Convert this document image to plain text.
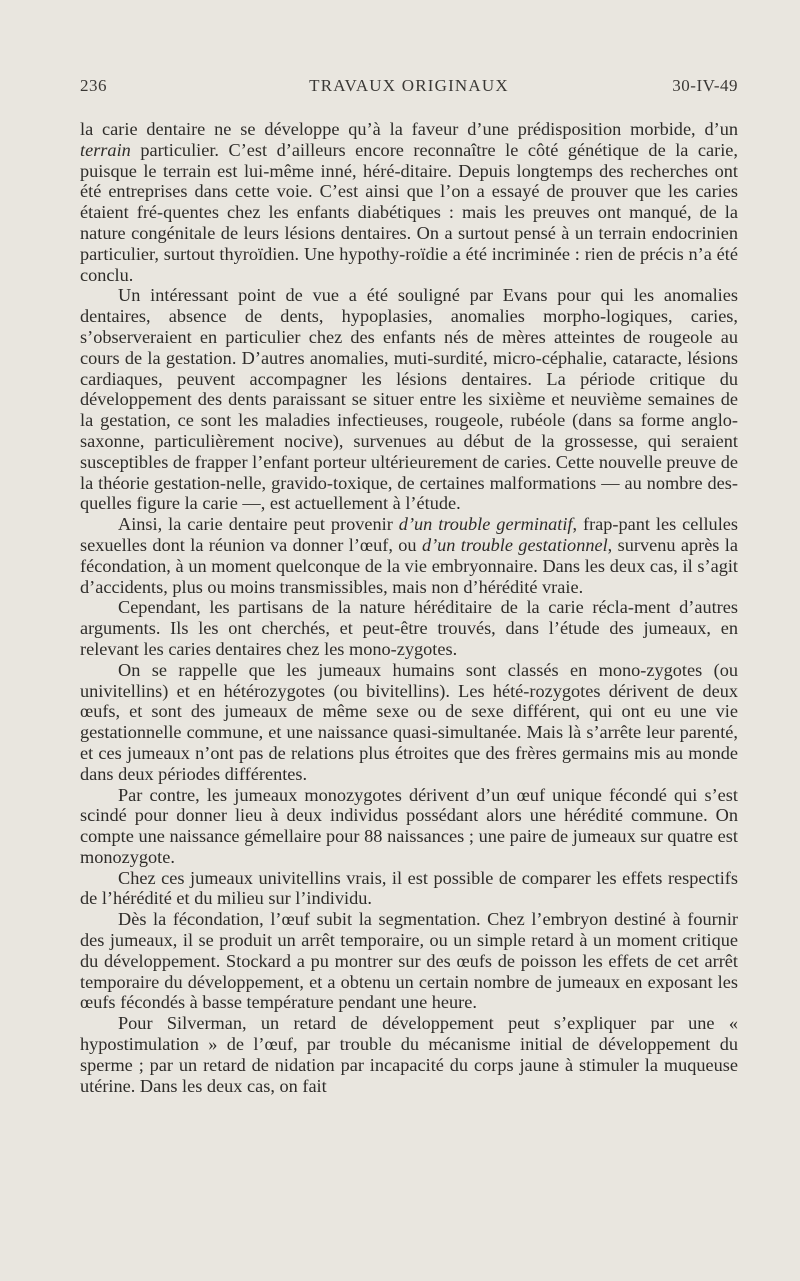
236	TRAVAUX ORIGINAUX	30-IV-49

la carie dentaire ne se développe qu’à la faveur d’une prédisposition morbide, d’un terrain particulier. C’est d’ailleurs encore reconnaître le côté génétique de la carie, puisque le terrain est lui-même inné, héré-ditaire. Depuis longtemps des recherches ont été entreprises dans cette voie. C’est ainsi que l’on a essayé de prouver que les caries étaient fré-quentes chez les enfants diabétiques : mais les preuves ont manqué, de la nature congénitale de leurs lésions dentaires. On a surtout pensé à un terrain endocrinien particulier, surtout thyroïdien. Une hypothy-roïdie a été incriminée : rien de précis n’a été conclu.

Un intéressant point de vue a été souligné par Evans pour qui les anomalies dentaires, absence de dents, hypoplasies, anomalies morpho-logiques, caries, s’observeraient en particulier chez des enfants nés de mères atteintes de rougeole au cours de la gestation. D’autres anomalies, muti-surdité, micro-céphalie, cataracte, lésions cardiaques, peuvent accompagner les lésions dentaires. La période critique du développement des dents paraissant se situer entre les sixième et neuvième semaines de la gestation, ce sont les maladies infectieuses, rougeole, rubéole (dans sa forme anglo-saxonne, particulièrement nocive), survenues au début de la grossesse, qui seraient susceptibles de frapper l’enfant porteur ultérieurement de caries. Cette nouvelle preuve de la théorie gestation-nelle, gravido-toxique, de certaines malformations — au nombre des-quelles figure la carie —, est actuellement à l’étude.

Ainsi, la carie dentaire peut provenir d’un trouble germinatif, frap-pant les cellules sexuelles dont la réunion va donner l’œuf, ou d’un trouble gestationnel, survenu après la fécondation, à un moment quelconque de la vie embryonnaire. Dans les deux cas, il s’agit d’accidents, plus ou moins transmissibles, mais non d’hérédité vraie.

Cependant, les partisans de la nature héréditaire de la carie récla-ment d’autres arguments. Ils les ont cherchés, et peut-être trouvés, dans l’étude des jumeaux, en relevant les caries dentaires chez les mono-zygotes.

On se rappelle que les jumeaux humains sont classés en mono-zygotes (ou univitellins) et en hétérozygotes (ou bivitellins). Les hété-rozygotes dérivent de deux œufs, et sont des jumeaux de même sexe ou de sexe différent, qui ont eu une vie gestationnelle commune, et une naissance quasi-simultanée. Mais là s’arrête leur parenté, et ces jumeaux n’ont pas de relations plus étroites que des frères germains mis au monde dans deux périodes différentes.

Par contre, les jumeaux monozygotes dérivent d’un œuf unique fécondé qui s’est scindé pour donner lieu à deux individus possédant alors une hérédité commune. On compte une naissance gémellaire pour 88 naissances ; une paire de jumeaux sur quatre est monozygote.

Chez ces jumeaux univitellins vrais, il est possible de comparer les effets respectifs de l’hérédité et du milieu sur l’individu.

Dès la fécondation, l’œuf subit la segmentation. Chez l’embryon destiné à fournir des jumeaux, il se produit un arrêt temporaire, ou un simple retard à un moment critique du développement. Stockard a pu montrer sur des œufs de poisson les effets de cet arrêt temporaire du développement, et a obtenu un certain nombre de jumeaux en exposant les œufs fécondés à basse température pendant une heure.

Pour Silverman, un retard de développement peut s’expliquer par une « hypostimulation » de l’œuf, par trouble du mécanisme initial de développement du sperme ; par un retard de nidation par incapacité du corps jaune à stimuler la muqueuse utérine. Dans les deux cas, on fait
